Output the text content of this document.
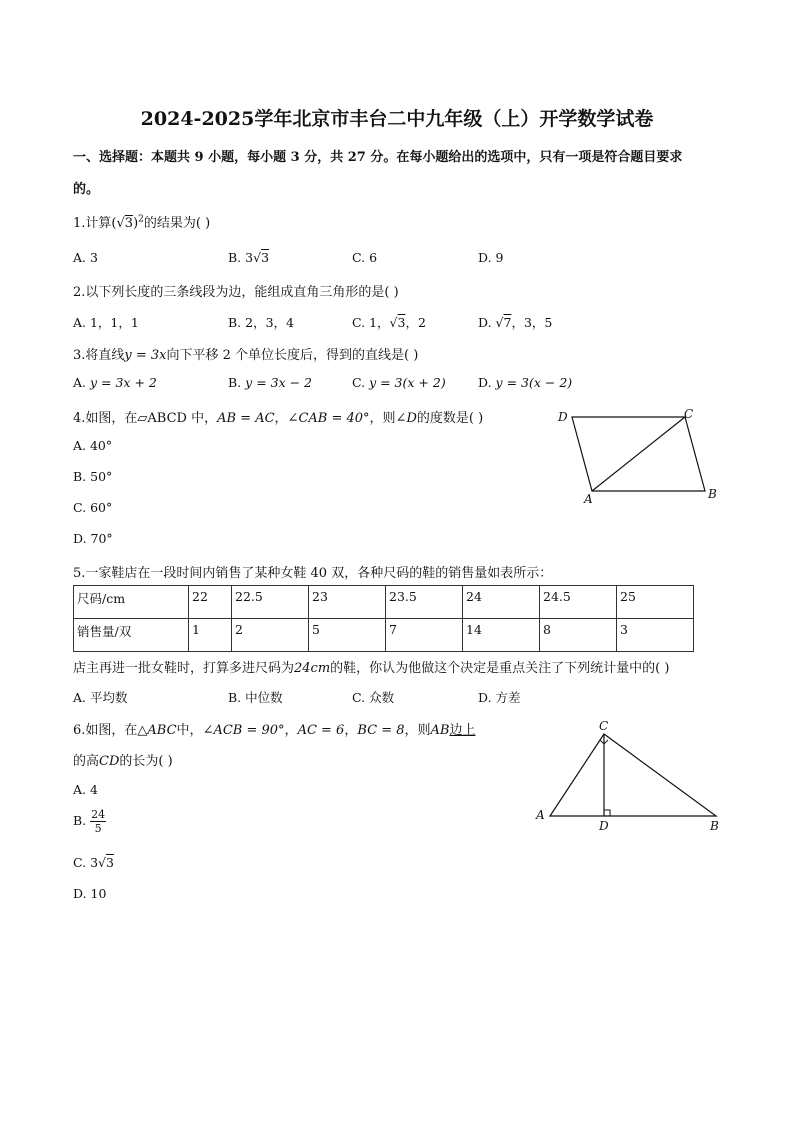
2024-2025学年北京市丰台二中九年级（上）开学数学试卷
一、选择题：本题共 9 小题，每小题 3 分，共 27 分。在每小题给出的选项中，只有一项是符合题目要求
的。
1.计算$(√3)^2$的结果为( )
A. 3	B. 3√3	C. 6	D. 9
2.以下列长度的三条线段为边，能组成直角三角形的是( )
A. 1，1，1	B. 2，3，4	C. 1，√3，2	D. √7，3，5
3.将直线y = 3x向下平移 2 个单位长度后，得到的直线是( )
A. y = 3x + 2	B. y = 3x − 2	C. y = 3(x + 2)	D. y = 3(x − 2)
4.如图，在▱ABCD 中，AB = AC，∠CAB = 40°，则∠D的度数是( )
A. 40°
B. 50°
C. 60°
D. 70°
D	C
A	B
5.一家鞋店在一段时间内销售了某种女鞋 40 双，各种尺码的鞋的销售量如表所示：
尺码/cm	22	22.5	23	23.5	24	24.5	25
销售量/双	1	2	5	7	14	8	3
店主再进一批女鞋时，打算多进尺码为24cm的鞋，你认为他做这个决定是重点关注了下列统计量中的( )
A. 平均数	B. 中位数	C. 众数	D. 方差
6.如图，在△ABC中，∠ACB = 90°，AC = 6，BC = 8，则AB边上
的高CD的长为( )
A. 4
B. $\frac{24}{5}$
C. 3√3
D. 10
C
A
D	B
